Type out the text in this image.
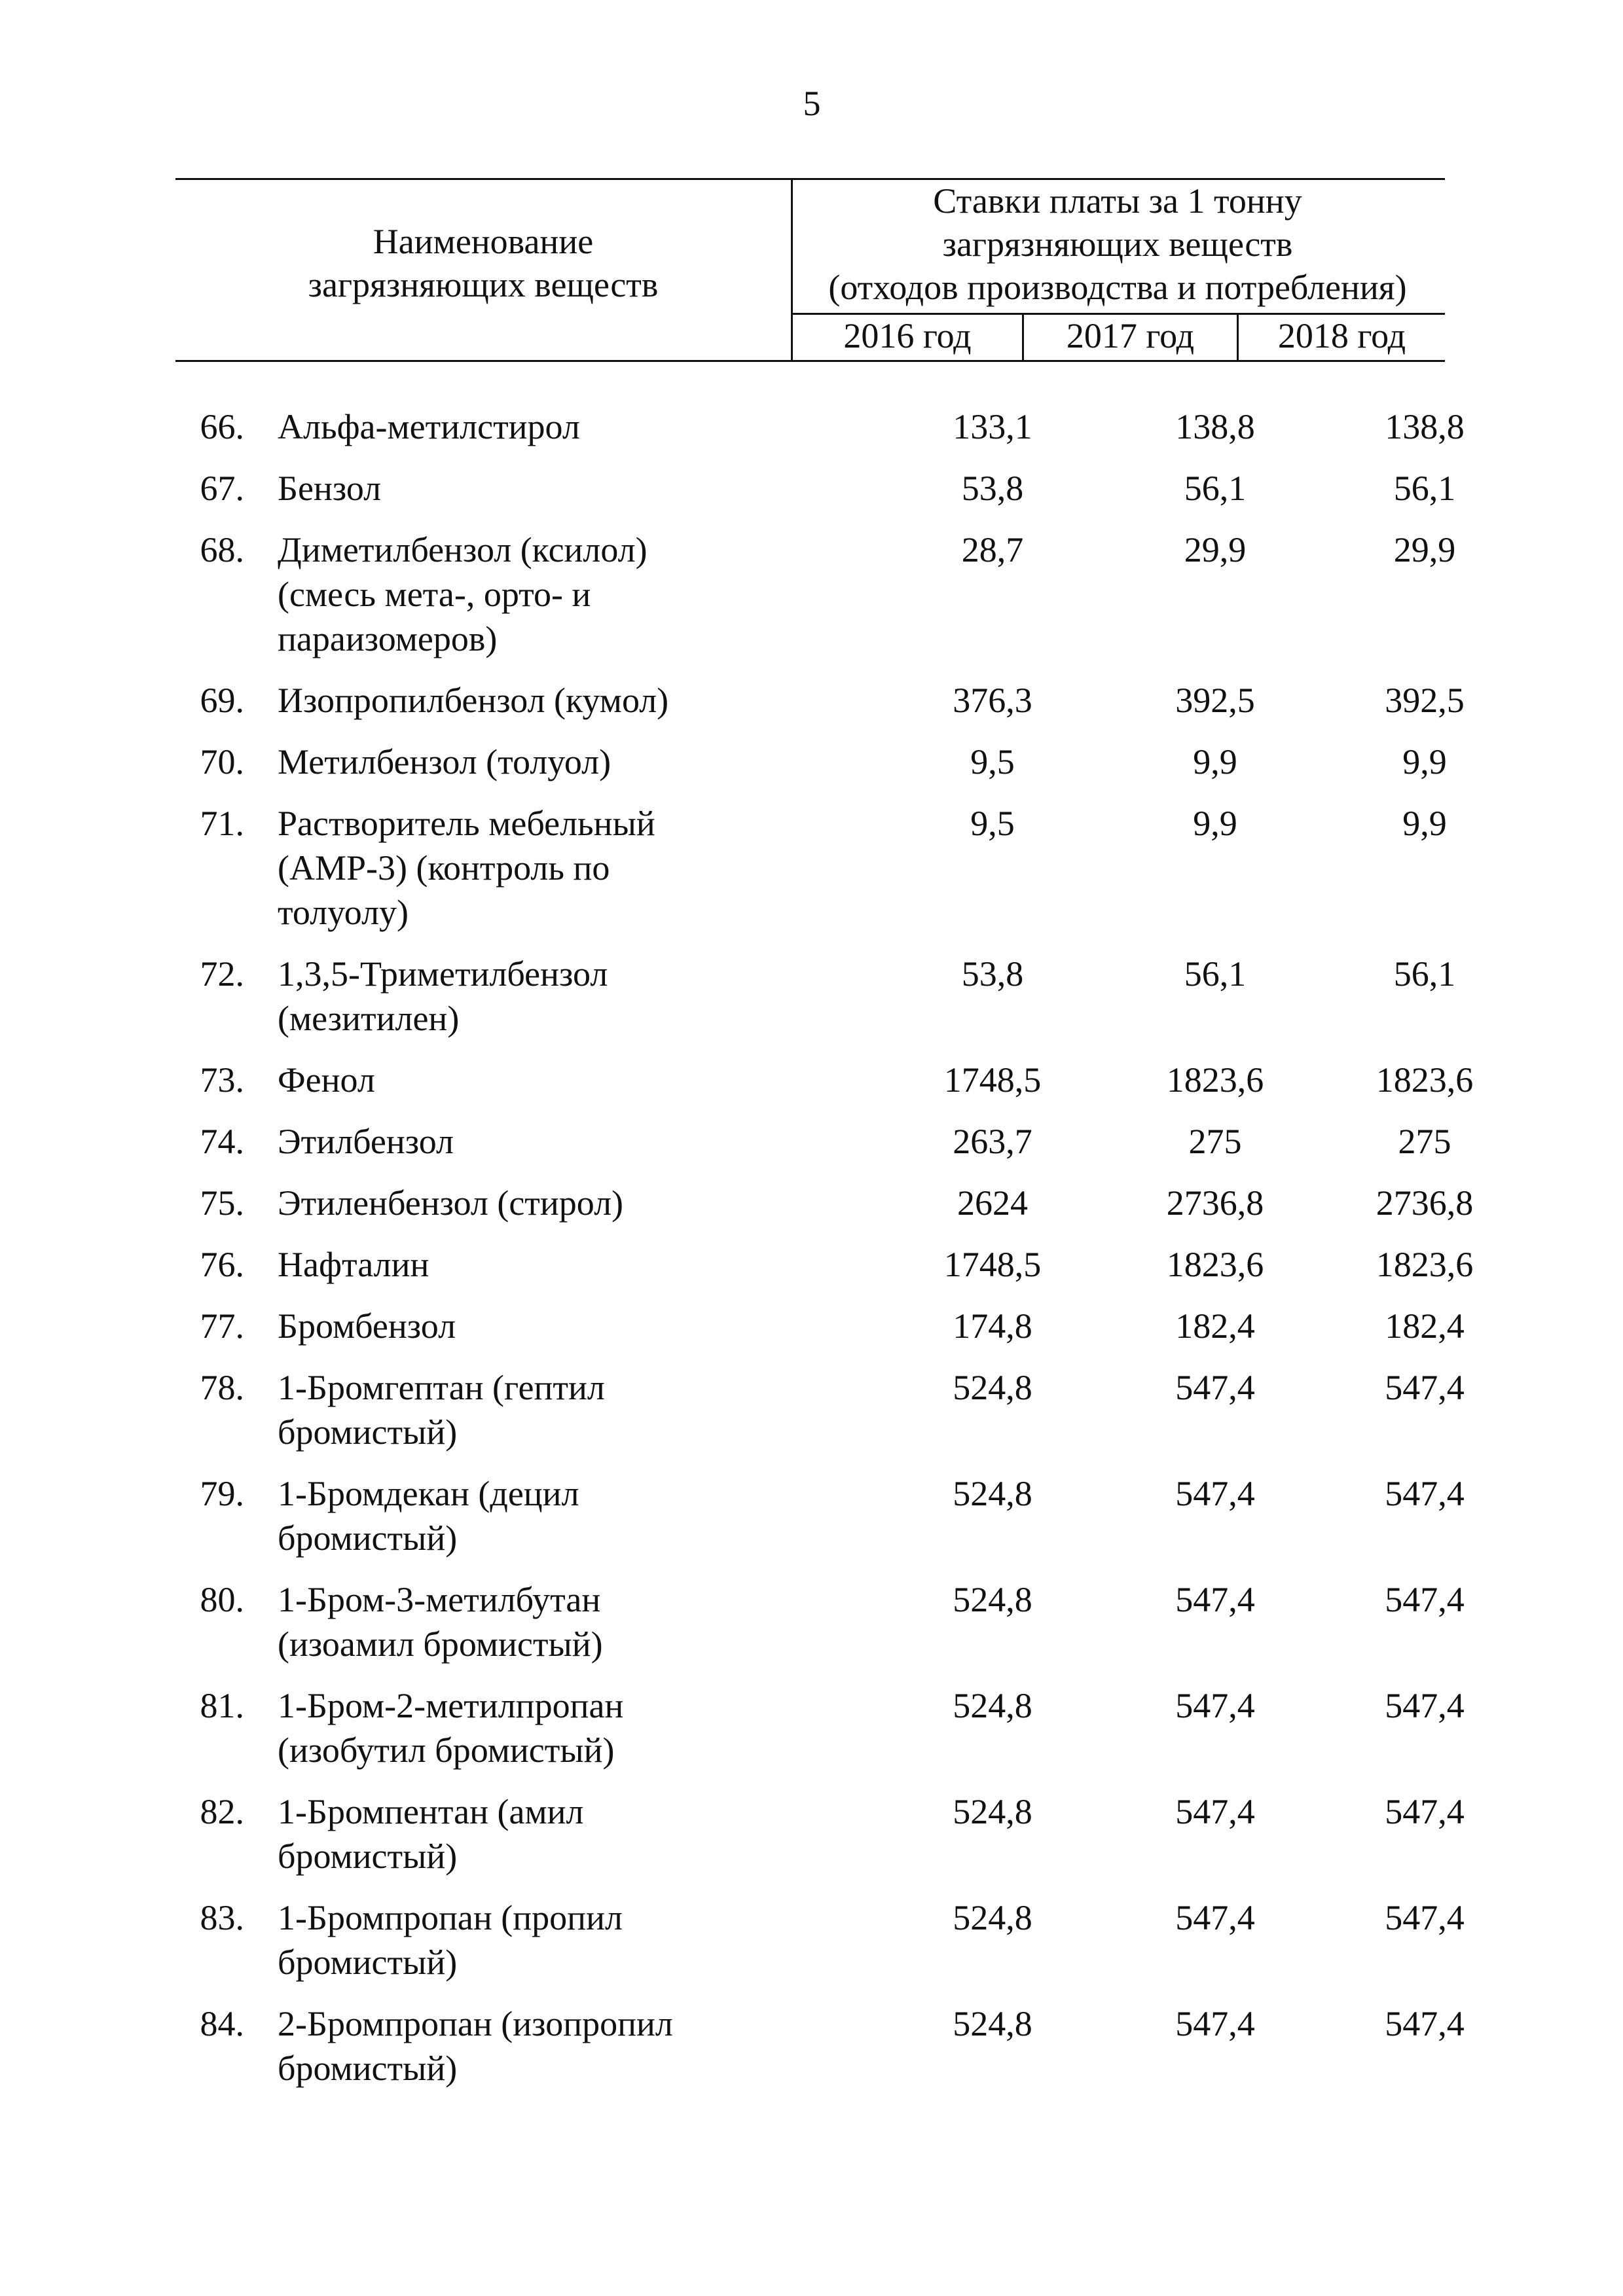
5
Наименование
загрязняющих веществ
Ставки платы за 1 тонну
загрязняющих веществ
(отходов производства и потребления)
2016 год	2017 год	2018 год
66. Альфа-метилстирол	133,1	138,8	138,8
67. Бензол	53,8	56,1	56,1
68. Диметилбензол (ксилол)
(смесь мета-, орто- и
параизомеров)
28,7	29,9	29,9
69. Изопропилбензол (кумол)	376,3	392,5	392,5
70. Метилбензол (толуол)	9,5	9,9	9,9
71. Растворитель мебельный
(АМР-3) (контроль по
толуолу)
9,5	9,9	9,9
72. 1,3,5-Триметилбензол
(мезитилен)
53,8	56,1	56,1
73. Фенол	1748,5	1823,6	1823,6
74. Этилбензол	263,7	275	275
75. Этиленбензол (стирол)	2624	2736,8	2736,8
76. Нафталин	1748,5	1823,6	1823,6
77. Бромбензол	174,8	182,4	182,4
78. 1-Бромгептан (гептил
бромистый)
524,8	547,4	547,4
79. 1-Бромдекан (децил
бромистый)
524,8	547,4	547,4
80. 1-Бром-3-метилбутан
(изоамил бромистый)
524,8	547,4	547,4
81. 1-Бром-2-метилпропан
(изобутил бромистый)
524,8	547,4	547,4
82. 1-Бромпентан (амил
бромистый)
524,8	547,4	547,4
83. 1-Бромпропан (пропил
бромистый)
524,8	547,4	547,4
84. 2-Бромпропан (изопропил
бромистый)
524,8	547,4	547,4
